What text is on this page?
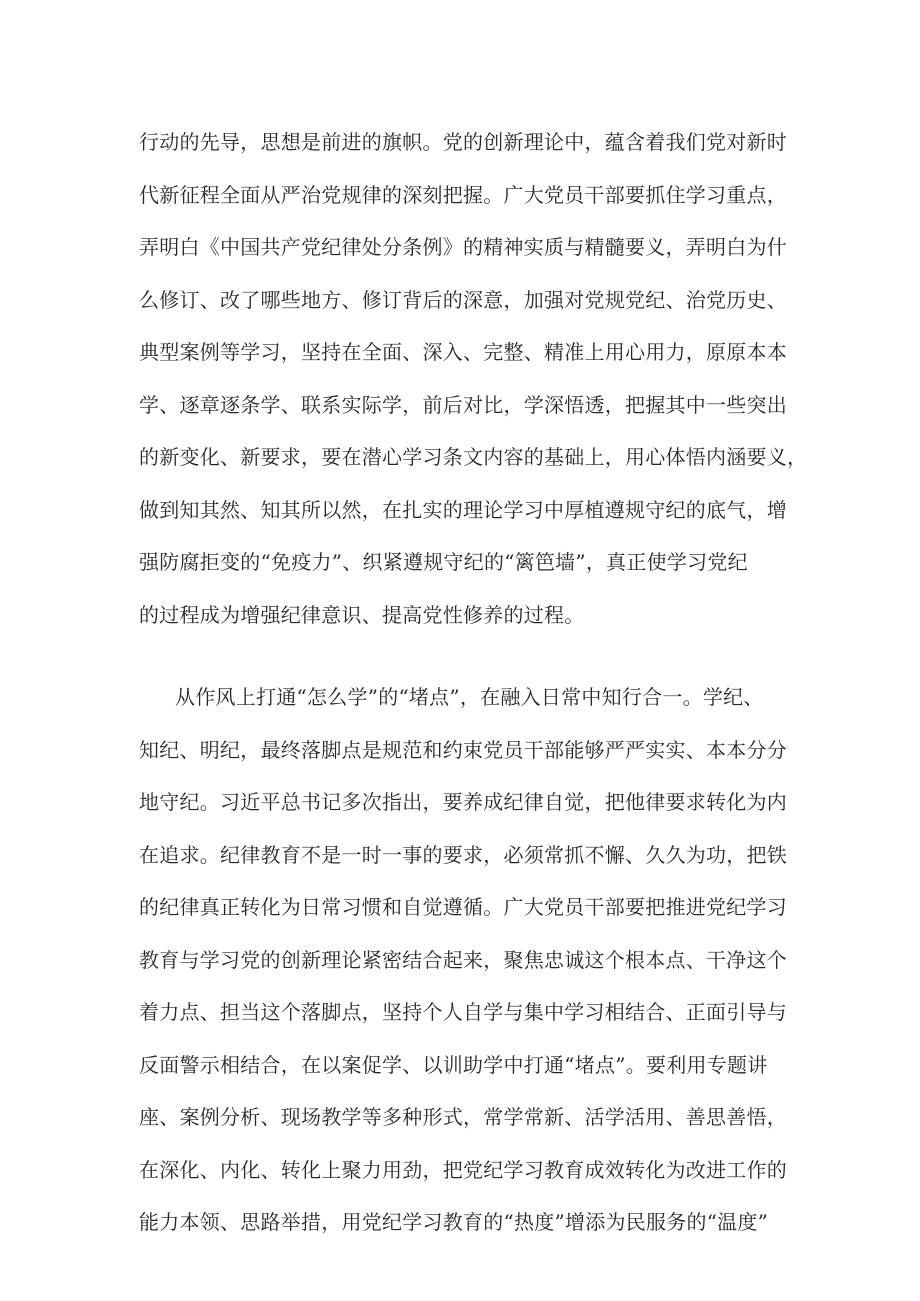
行动的先导，思想是前进的旗帜。党的创新理论中，蕴含着我们党对新时
代新征程全面从严治党规律的深刻把握。广大党员干部要抓住学习重点，
弄明白《中国共产党纪律处分条例》的精神实质与精髓要义，弄明白为什
么修订、改了哪些地方、修订背后的深意，加强对党规党纪、治党历史、
典型案例等学习，坚持在全面、深入、完整、精准上用心用力，原原本本
学、逐章逐条学、联系实际学，前后对比，学深悟透，把握其中一些突出
的新变化、新要求，要在潜心学习条文内容的基础上，用心体悟内涵要义，
做到知其然、知其所以然，在扎实的理论学习中厚植遵规守纪的底气，增
强防腐拒变的“免疫力”、织紧遵规守纪的“篱笆墙”，真正使学习党纪
的过程成为增强纪律意识、提高党性修养的过程。
从作风上打通“怎么学”的“堵点”，在融入日常中知行合一。学纪、
知纪、明纪，最终落脚点是规范和约束党员干部能够严严实实、本本分分
地守纪。习近平总书记多次指出，要养成纪律自觉，把他律要求转化为内
在追求。纪律教育不是一时一事的要求，必须常抓不懈、久久为功，把铁
的纪律真正转化为日常习惯和自觉遵循。广大党员干部要把推进党纪学习
教育与学习党的创新理论紧密结合起来，聚焦忠诚这个根本点、干净这个
着力点、担当这个落脚点，坚持个人自学与集中学习相结合、正面引导与
反面警示相结合，在以案促学、以训助学中打通“堵点”。要利用专题讲
座、案例分析、现场教学等多种形式，常学常新、活学活用、善思善悟，
在深化、内化、转化上聚力用劲，把党纪学习教育成效转化为改进工作的
能力本领、思路举措，用党纪学习教育的“热度”增添为民服务的“温度”
